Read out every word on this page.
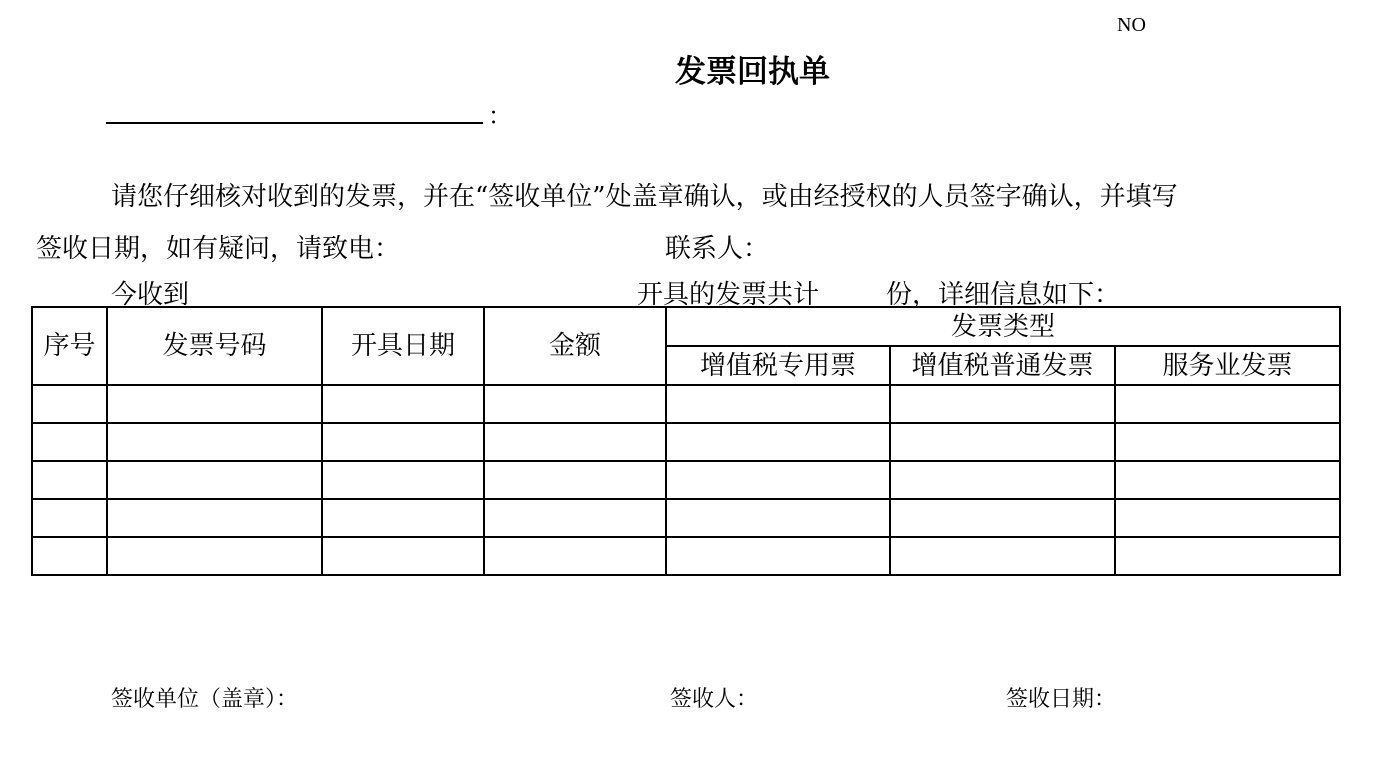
NO
发票回执单
：
请您仔细核对收到的发票，并在“签收单位”处盖章确认，或由经授权的人员签字确认，并填写
签收日期，如有疑问，请致电：	联系人：
今收到	开具的发票共计	份，详细信息如下：
序号	发票号码	开具日期	金额	发票类型		
				增值税专用票	增值税普通发票	服务业发票

签收单位（盖章）：	签收人：	签收日期：
